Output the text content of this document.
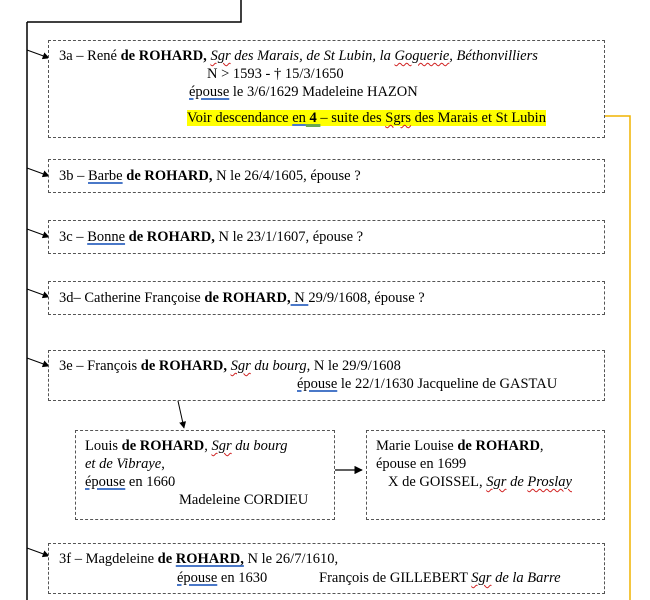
3a – René de ROHARD, Sgr des Marais, de St Lubin, la Goguerie, Béthonvilliers
N > 1593 - † 15/3/1650
épouse le 3/6/1629 Madeleine HAZON
Voir descendance en 4 – suite des Sgrs des Marais et St Lubin
3b – Barbe de ROHARD, N le 26/4/1605, épouse ?
3c – Bonne de ROHARD, N le 23/1/1607, épouse ?
3d– Catherine Françoise de ROHARD, N 29/9/1608, épouse ?
3e – François de ROHARD, Sgr du bourg, N le 29/9/1608
épouse le 22/1/1630 Jacqueline de GASTAU
Louis de ROHARD, Sgr du bourg
et de Vibraye,
épouse en 1660
Madeleine CORDIEU
Marie Louise de ROHARD,
épouse en 1699
X de GOISSEL, Sgr de Proslay
3f – Magdeleine de ROHARD, N le 26/7/1610,
épouse en 1630	François de GILLEBERT Sgr de la Barre
